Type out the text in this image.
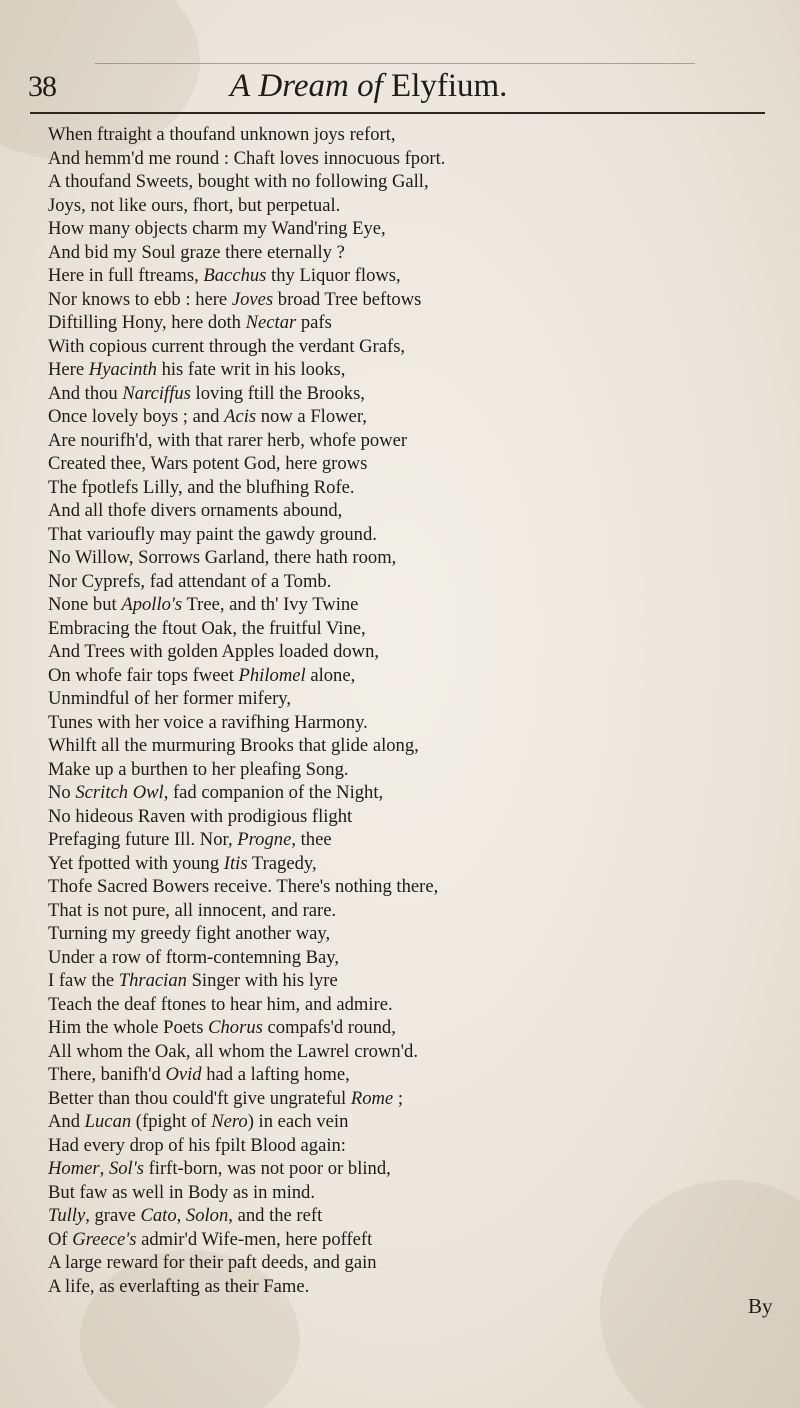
38	A Dream of Elyfium.
When ftraight a thoufand unknown joys refort,
And hemm'd me round : Chaft loves innocuous fport.
A thoufand Sweets, bought with no following Gall,
Joys, not like ours, fhort, but perpetual.
How many objects charm my Wand'ring Eye,
And bid my Soul graze there eternally ?
Here in full ftreams, Bacchus thy Liquor flows,
Nor knows to ebb : here Joves broad Tree beftows
Diftilling Hony, here doth Nectar pafs
With copious current through the verdant Grafs,
Here Hyacinth his fate writ in his looks,
And thou Narciffus loving ftill the Brooks,
Once lovely boys ; and Acis now a Flower,
Are nourifh'd, with that rarer herb, whofe power
Created thee, Wars potent God, here grows
The fpotlefs Lilly, and the blufhing Rofe.
And all thofe divers ornaments abound,
That varioufly may paint the gawdy ground.
No Willow, Sorrows Garland, there hath room,
Nor Cyprefs, fad attendant of a Tomb.
None but Apollo's Tree, and th' Ivy Twine
Embracing the ftout Oak, the fruitful Vine,
And Trees with golden Apples loaded down,
On whofe fair tops fweet Philomel alone,
Unmindful of her former mifery,
Tunes with her voice a ravifhing Harmony.
Whilft all the murmuring Brooks that glide along,
Make up a burthen to her pleafing Song.
No Scritch Owl, fad companion of the Night,
No hideous Raven with prodigious flight
Prefaging future Ill. Nor, Progne, thee
Yet fpotted with young Itis Tragedy,
Thofe Sacred Bowers receive. There's nothing there,
That is not pure, all innocent, and rare.
Turning my greedy fight another way,
Under a row of ftorm-contemning Bay,
I faw the Thracian Singer with his lyre
Teach the deaf ftones to hear him, and admire.
Him the whole Poets Chorus compafs'd round,
All whom the Oak, all whom the Lawrel crown'd.
There, banifh'd Ovid had a lafting home,
Better than thou could'ft give ungrateful Rome ;
And Lucan (fpight of Nero) in each vein
Had every drop of his fpilt Blood again:
Homer, Sol's firft-born, was not poor or blind,
But faw as well in Body as in mind.
Tully, grave Cato, Solon, and the reft
Of Greece's admir'd Wife-men, here poffeft
A large reward for their paft deeds, and gain
A life, as everlafting as their Fame.
By
